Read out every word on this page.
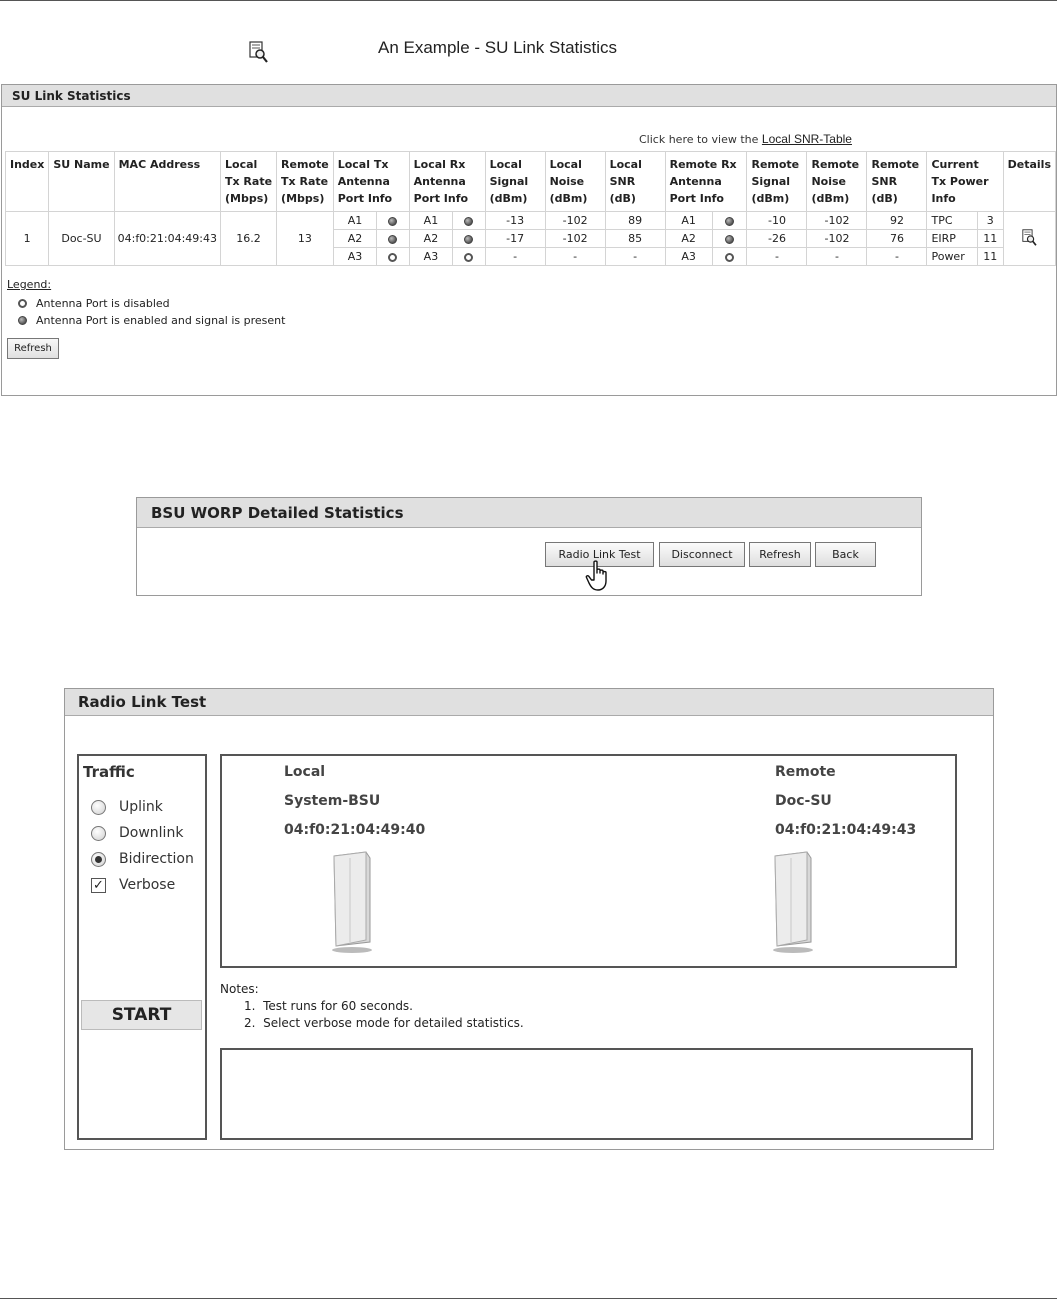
An Example - SU Link Statistics
SU Link Statistics
Click here to view the Local SNR-Table
Index	SU Name	MAC Address	Local
Tx Rate
(Mbps)	Remote
Tx Rate
(Mbps)	Local Tx
Antenna
Port Info		Local Rx
Antenna
Port Info		Local
Signal
(dBm)	Local
Noise
(dBm)	Local
SNR
(dB)	Remote Rx
Antenna
Port Info		Remote
Signal
(dBm)	Remote
Noise
(dBm)	Remote
SNR
(dB)	Current
Tx Power
Info		Details
1	Doc-SU	04:f0:21:04:49:43	16.2	13	A1		A1		-13	-102	89	A1		-10	-102	92	TPC	3	
					A2		A2		-17	-102	85	A2		-26	-102	76	EIRP	11	
					A3		A3		-	-	-	A3		-	-	-	Power	11	
Legend:
Antenna Port is disabled
Antenna Port is enabled and signal is present
Refresh
BSU WORP Detailed Statistics
Radio Link Test	Disconnect	Refresh	Back
Radio Link Test
Traffic
Uplink
Downlink
Bidirection
✓ Verbose
START
Local
System-BSU
04:f0:21:04:49:40
Remote
Doc-SU
04:f0:21:04:49:43
Notes:
1.  Test runs for 60 seconds.
2.  Select verbose mode for detailed statistics.
